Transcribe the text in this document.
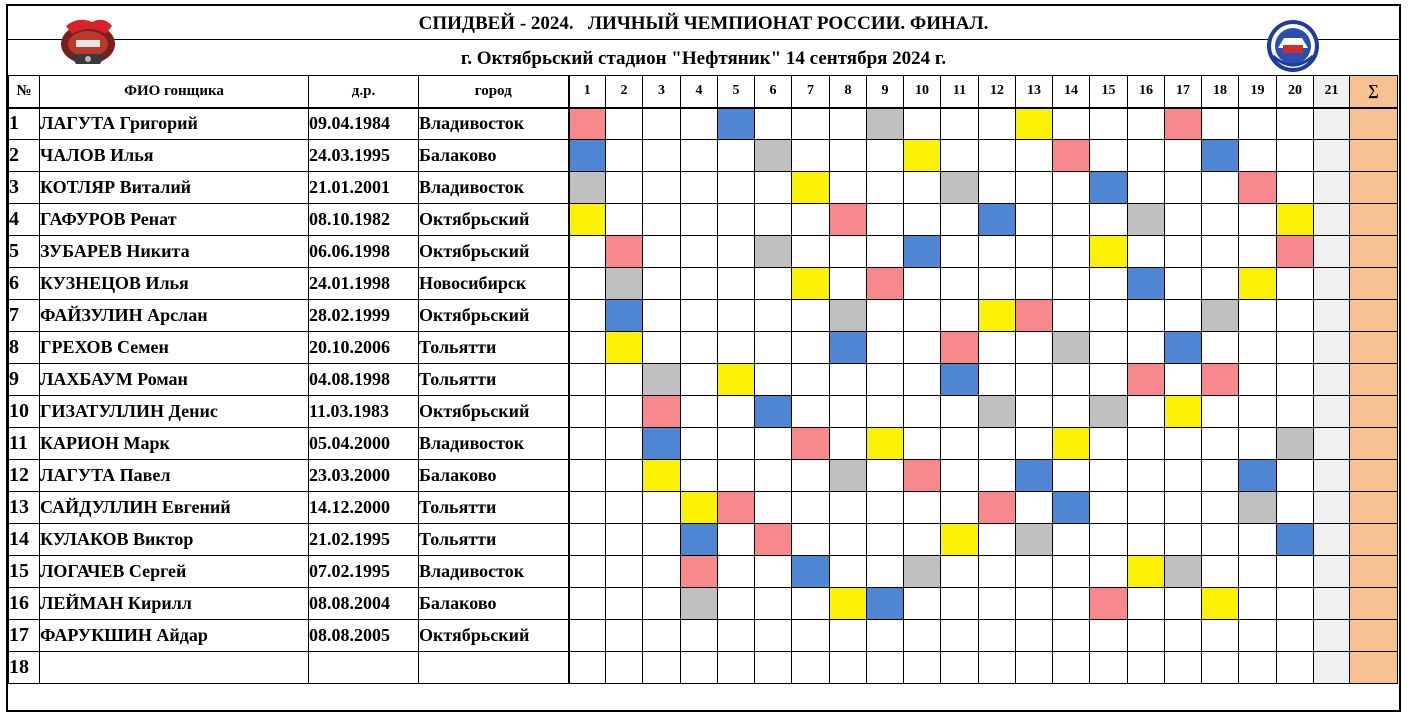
СПИДВЕЙ - 2024.   ЛИЧНЫЙ ЧЕМПИОНАТ РОССИИ. ФИНАЛ.
г. Октябрьский стадион "Нефтяник" 14 сентября 2024 г.
№	ФИО гонщика	д.р.	город	1	2	3	4	5	6	7	8	9	10	11	12	13	14	15	16	17	18	19	20	21	∑
1	ЛАГУТА Григорий	09.04.1984	Владивосток																						
2	ЧАЛОВ Илья	24.03.1995	Балаково																						
3	КОТЛЯР Виталий	21.01.2001	Владивосток																						
4	ГАФУРОВ Ренат	08.10.1982	Октябрьский																						
5	ЗУБАРЕВ Никита	06.06.1998	Октябрьский																						
6	КУЗНЕЦОВ Илья	24.01.1998	Новосибирск																						
7	ФАЙЗУЛИН Арслан	28.02.1999	Октябрьский																						
8	ГРЕХОВ Семен	20.10.2006	Тольятти																						
9	ЛАХБАУМ Роман	04.08.1998	Тольятти																						
10	ГИЗАТУЛЛИН Денис	11.03.1983	Октябрьский																						
11	КАРИОН Марк	05.04.2000	Владивосток																						
12	ЛАГУТА Павел	23.03.2000	Балаково																						
13	САЙДУЛЛИН Евгений	14.12.2000	Тольятти																						
14	КУЛАКОВ Виктор	21.02.1995	Тольятти																						
15	ЛОГАЧЕВ Сергей	07.02.1995	Владивосток																						
16	ЛЕЙМАН Кирилл	08.08.2004	Балаково																						
17	ФАРУКШИН Айдар	08.08.2005	Октябрьский																						
18																									
